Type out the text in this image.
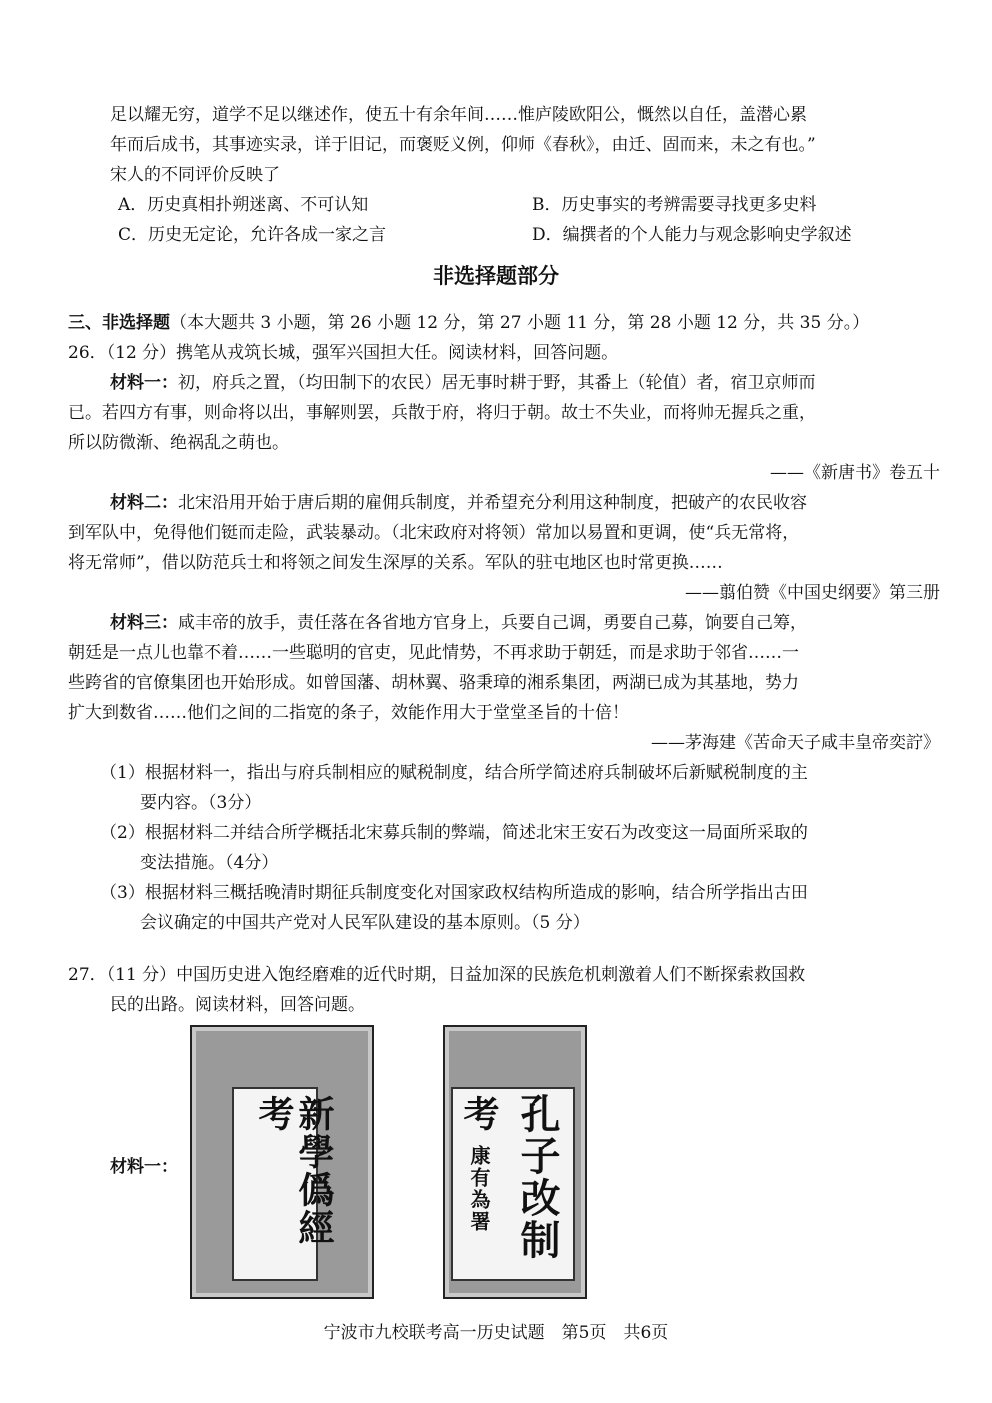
足以耀无穷，道学不足以继述作，使五十有余年间……惟庐陵欧阳公，慨然以自任，盖潜心累
年而后成书，其事迹实录，详于旧记，而褒贬义例，仰师《春秋》，由迁、固而来，未之有也。”
宋人的不同评价反映了
A．历史真相扑朔迷离、不可认知	B．历史事实的考辨需要寻找更多史料
C．历史无定论，允许各成一家之言	D．编撰者的个人能力与观念影响史学叙述
非选择题部分
三、非选择题（本大题共 3 小题，第 26 小题 12 分，第 27 小题 11 分，第 28 小题 12 分，共 35 分。）
26．（12 分）携笔从戎筑长城，强军兴国担大任。阅读材料，回答问题。
材料一：初，府兵之置，（均田制下的农民）居无事时耕于野，其番上（轮值）者，宿卫京师而
已。若四方有事，则命将以出，事解则罢，兵散于府，将归于朝。故士不失业，而将帅无握兵之重，
所以防微渐、绝祸乱之萌也。
——《新唐书》卷五十
材料二：北宋沿用开始于唐后期的雇佣兵制度，并希望充分利用这种制度，把破产的农民收容
到军队中，免得他们铤而走险，武装暴动。（北宋政府对将领）常加以易置和更调，使“兵无常将，
将无常师”，借以防范兵士和将领之间发生深厚的关系。军队的驻屯地区也时常更换……
——翦伯赞《中国史纲要》第三册
材料三：咸丰帝的放手，责任落在各省地方官身上，兵要自己调，勇要自己募，饷要自己筹，
朝廷是一点儿也靠不着……一些聪明的官吏，见此情势，不再求助于朝廷，而是求助于邻省……一
些跨省的官僚集团也开始形成。如曾国藩、胡林翼、骆秉璋的湘系集团，两湖已成为其基地，势力
扩大到数省……他们之间的二指宽的条子，效能作用大于堂堂圣旨的十倍！
——茅海建《苦命天子咸丰皇帝奕詝》
（1）根据材料一，指出与府兵制相应的赋税制度，结合所学简述府兵制破坏后新赋税制度的主
要内容。（3分）
（2）根据材料二并结合所学概括北宋募兵制的弊端，简述北宋王安石为改变这一局面所采取的
变法措施。（4分）
（3）根据材料三概括晚清时期征兵制度变化对国家政权结构所造成的影响，结合所学指出古田
会议确定的中国共产党对人民军队建设的基本原则。（5 分）
27．（11 分）中国历史进入饱经磨难的近代时期，日益加深的民族危机刺激着人们不断探索救国救
民的出路。阅读材料，回答问题。
材料一：	新學僞經考	孔子改制
考
康有為署
宁波市九校联考高一历史试题　第5页　共6页
